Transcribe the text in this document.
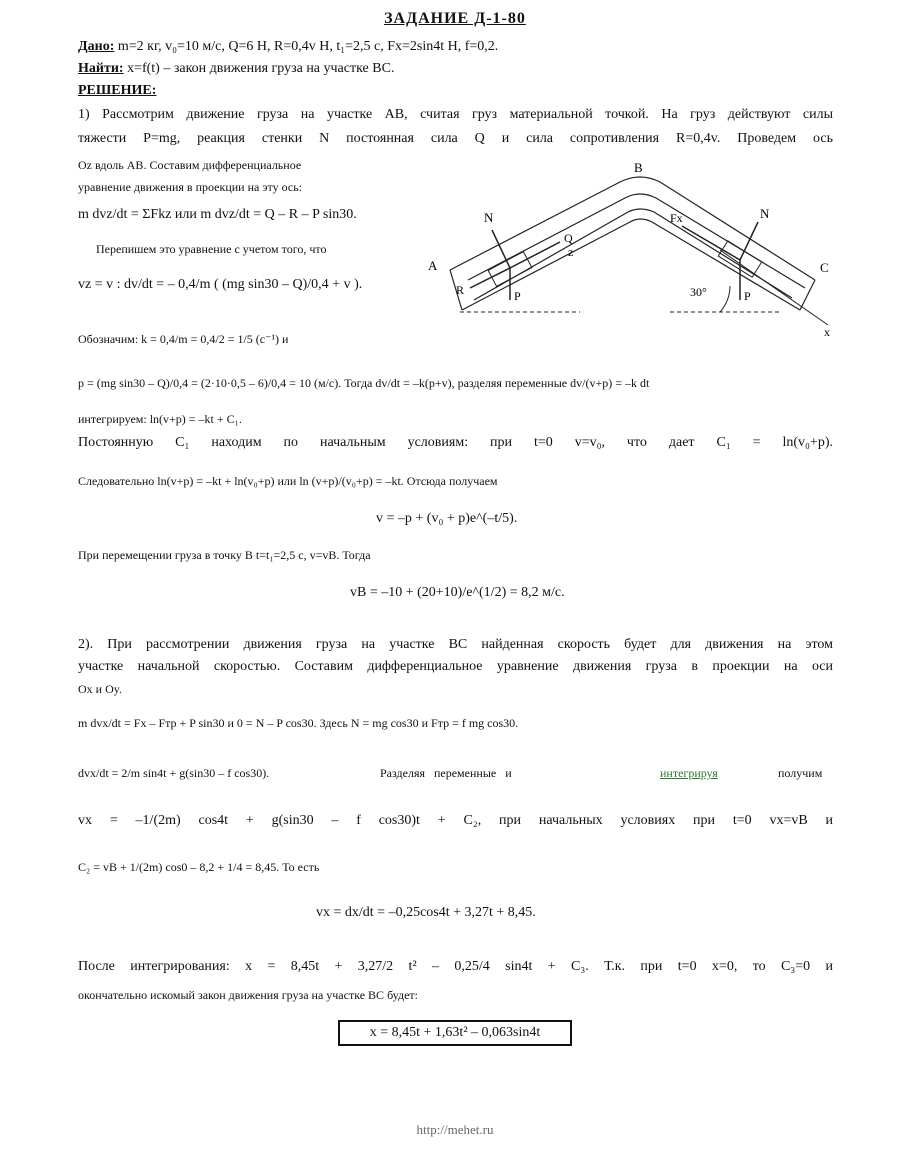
ЗАДАНИЕ Д-1-80
Дано: m=2 кг, v₀=10 м/с, Q=6 Н, R=0,4v Н, t₁=2,5 с, Fx=2sin4t Н, f=0,2.
Найти: x=f(t) – закон движения груза на участке BC.
РЕШЕНИЕ:
1) Рассмотрим движение груза на участке AB, считая груз материальной точкой. На груз действуют силы
тяжести P=mg, реакция стенки N постоянная сила Q и сила сопротивления R=0,4v. Проведем ось
Oz вдоль AB. Составим дифференциальное
уравнение движения в проекции на эту ось:
m dvz/dt = ΣFkz или m dvz/dt = Q – R – P sin30.
Перепишем это уравнение с учетом того, что
vz = v : dv/dt = – 0,4/m ( (mg sin30 – Q)/0,4 + v ).
Обозначим: k = 0,4/m = 0,4/2 = 1/5 (с⁻¹) и
p = (mg sin30 – Q)/0,4 = (2·10·0,5 – 6)/0,4 = 10 (м/с). Тогда dv/dt = –k(p+v), разделяя переменные dv/(v+p) = –k dt
интегрируем: ln(v+p) = –kt + C₁.
Постоянную C₁ находим по начальным условиям: при t=0 v=v₀, что дает C₁ = ln(v₀+p).
Следовательно ln(v+p) = –kt + ln(v₀+p) или ln (v+p)/(v₀+p) = –kt. Отсюда получаем
v = –p + (v₀ + p)e^(–t/5).
При перемещении груза в точку B t=t₁=2,5 с, v=vB. Тогда
vB = –10 + (20+10)/e^(1/2) = 8,2 м/с.
2). При рассмотрении движения груза на участке BC найденная скорость будет для движения на этом
участке начальной скоростью. Составим дифференциальное уравнение движения груза в проекции на оси
Ox и Oy.
m dvx/dt = Fx – Fтр + P sin30 и 0 = N – P cos30. Здесь N = mg cos30 и Fтр = f mg cos30.
dvx/dt = 2/m sin4t + g(sin30 – f cos30).	Разделяя переменные и	интегрируя	получим
vx = –1/(2m) cos4t + g(sin30 – f cos30)t + C₂, при начальных условиях при t=0 vx=vB и
C₂ = vB + 1/(2m) cos0 – 8,2 + 1/4 = 8,45. То есть
vx = dx/dt = –0,25cos4t + 3,27t + 8,45.
После интегрирования: x = 8,45t + 3,27/2 t² – 0,25/4 sin4t + C₃. Т.к. при t=0 x=0, то C₃=0 и
окончательно искомый закон движения груза на участке BC будет:
x = 8,45t + 1,63t² – 0,063sin4t
A
B
C
N	N
Q
P
R
Fx
P
30°
x
z
http://mehet.ru
